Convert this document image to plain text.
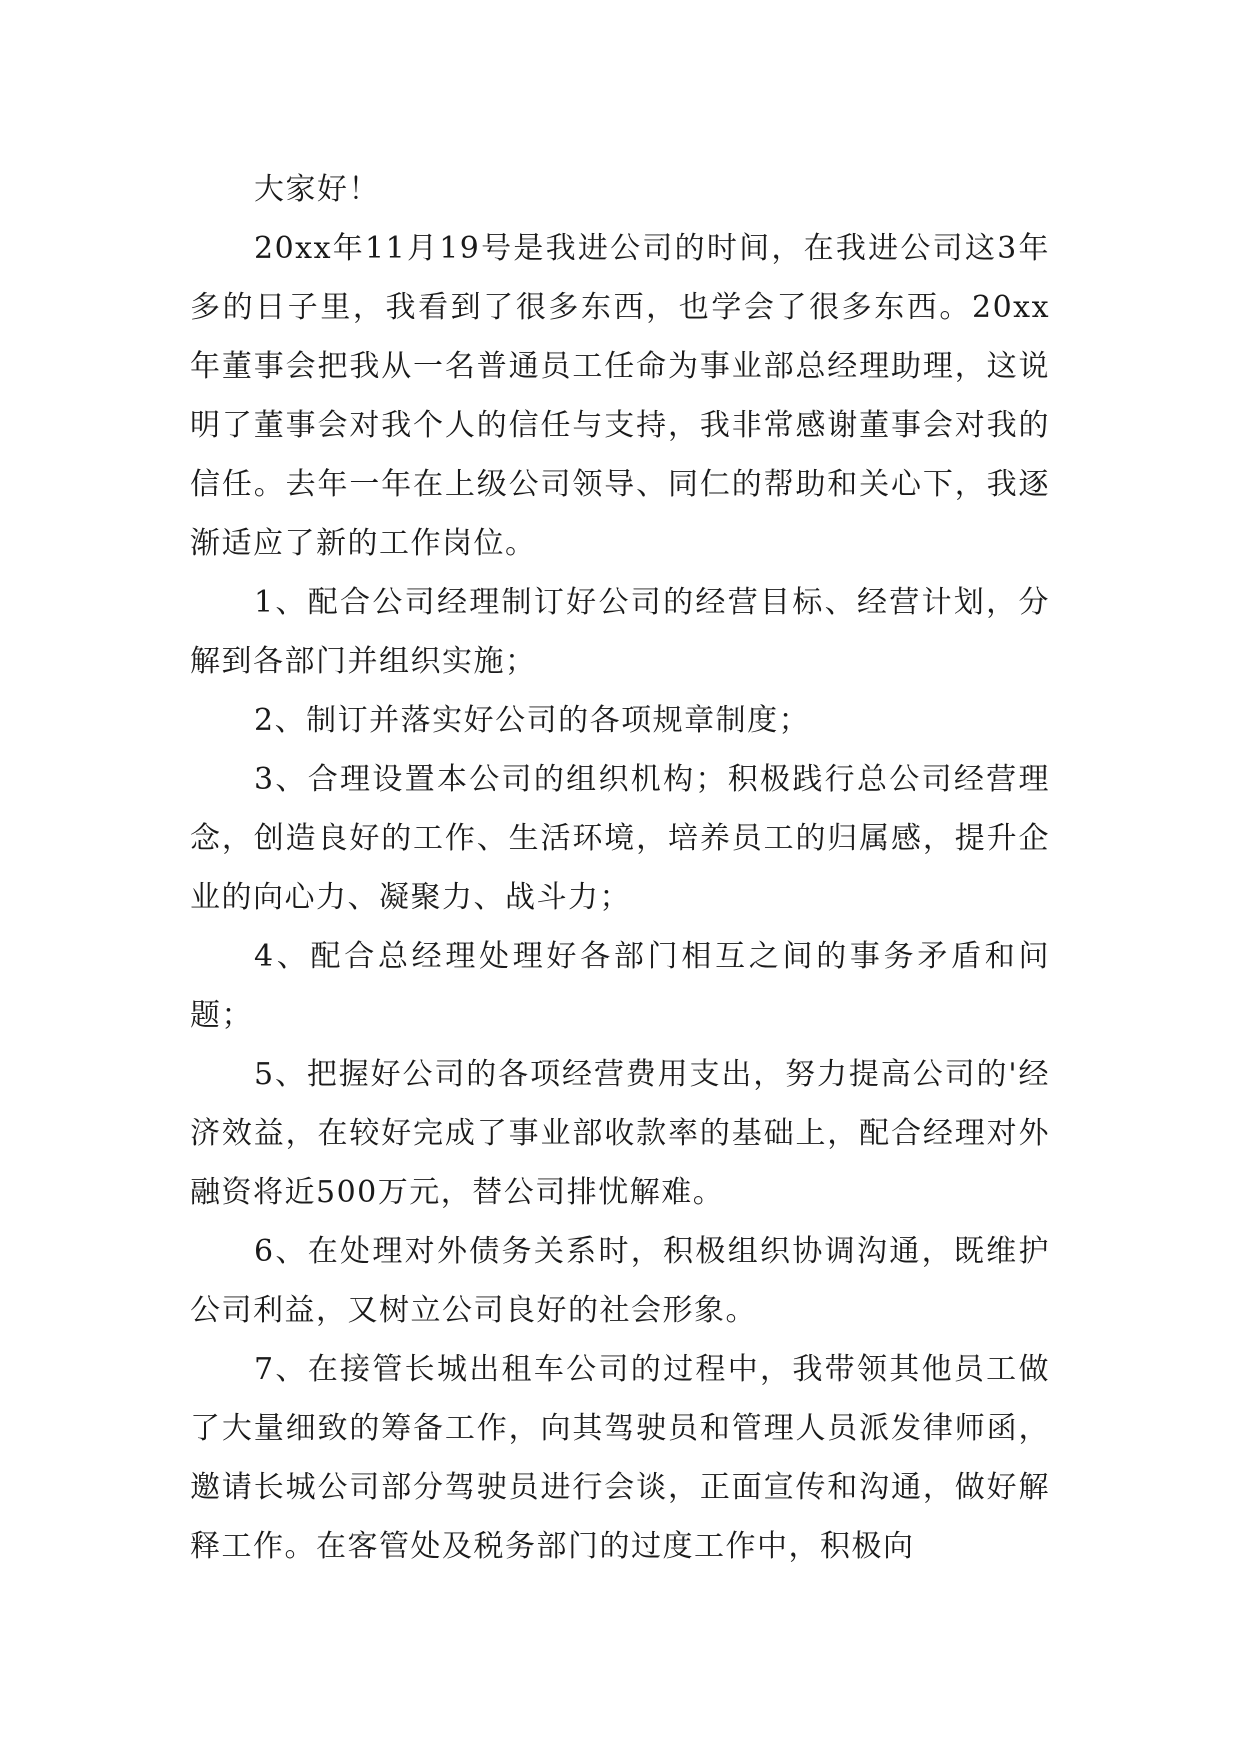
大家好！

20xx年11月19号是我进公司的时间，在我进公司这3年多的日子里，我看到了很多东西，也学会了很多东西。20xx年董事会把我从一名普通员工任命为事业部总经理助理，这说明了董事会对我个人的信任与支持，我非常感谢董事会对我的信任。去年一年在上级公司领导、同仁的帮助和关心下，我逐渐适应了新的工作岗位。

1、配合公司经理制订好公司的经营目标、经营计划，分解到各部门并组织实施；

2、制订并落实好公司的各项规章制度；

3、合理设置本公司的组织机构；积极践行总公司经营理念，创造良好的工作、生活环境，培养员工的归属感，提升企业的向心力、凝聚力、战斗力；

4、配合总经理处理好各部门相互之间的事务矛盾和问题；

5、把握好公司的各项经营费用支出，努力提高公司的'经济效益，在较好完成了事业部收款率的基础上，配合经理对外融资将近500万元，替公司排忧解难。

6、在处理对外债务关系时，积极组织协调沟通，既维护公司利益，又树立公司良好的社会形象。

7、在接管长城出租车公司的过程中，我带领其他员工做了大量细致的筹备工作，向其驾驶员和管理人员派发律师函，邀请长城公司部分驾驶员进行会谈，正面宣传和沟通，做好解释工作。在客管处及税务部门的过度工作中，积极向
